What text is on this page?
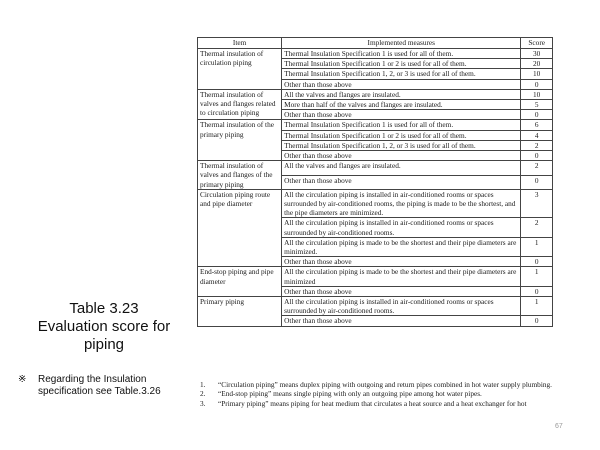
Table 3.23
Evaluation score for
piping
※ Regarding the Insulation specification see Table.3.26
Item	Implemented measures	Score
Thermal insulation of circulation piping	Thermal Insulation Specification 1 is used for all of them.	30
	Thermal Insulation Specification 1 or 2 is used for all of them.	20
	Thermal Insulation Specification 1, 2, or 3 is used for all of them.	10
	Other than those above	0
Thermal insulation of valves and flanges related to circulation piping	All the valves and flanges are insulated.	10
	More than half of the valves and flanges are insulated.	5
	Other than those above	0
Thermal insulation of the primary piping	Thermal Insulation Specification 1 is used for all of them.	6
	Thermal Insulation Specification 1 or 2 is used for all of them.	4
	Thermal Insulation Specification 1, 2, or 3 is used for all of them.	2
	Other than those above	0
Thermal insulation of valves and flanges of the primary piping	All the valves and flanges are insulated.	2
	Other than those above	0
Circulation piping route and pipe diameter	All the circulation piping is installed in air-conditioned rooms or spaces surrounded by air-conditioned rooms, the piping is made to be the shortest, and the pipe diameters are minimized.	3
	All the circulation piping is installed in air-conditioned rooms or spaces surrounded by air-conditioned rooms.	2
	All the circulation piping is made to be the shortest and their pipe diameters are minimized.	1
	Other than those above	0
End-stop piping and pipe diameter	All the circulation piping is made to be the shortest and their pipe diameters are minimized	1
	Other than those above	0
Primary piping	All the circulation piping is installed in air-conditioned rooms or spaces surrounded by air-conditioned rooms.	1
	Other than those above	0

1. “Circulation piping” means duplex piping with outgoing and return pipes combined in hot water supply plumbing.

2. “End-stop piping” means single piping with only an outgoing pipe among hot water pipes.

3. “Primary piping” means piping for heat medium that circulates a heat source and a heat exchanger for hot

67
